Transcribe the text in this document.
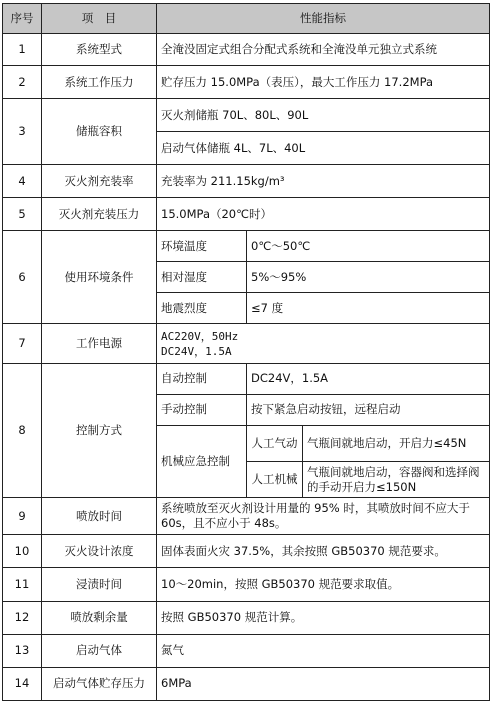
序号	项　目	性能指标		
1	系统型式	全淹没固定式组合分配式系统和全淹没单元独立式系统		
2	系统工作压力	贮存压力 15.0MPa（表压），最大工作压力 17.2MPa		
3	储瓶容积	灭火剂储瓶 70L、80L、90L		
		启动气体储瓶 4L、7L、40L		
4	灭火剂充装率	充装率为 211.15kg/m³		
5	灭火剂充装压力	15.0MPa（20℃时）		
6	使用环境条件	环境温度	0℃～50℃	
		相对湿度	5%～95%	
		地震烈度	≤7 度	
7	工作电源	AC220V，50Hz
DC24V，1.5A		

8	控制方式	自动控制	DC24V，1.5A	
		手动控制	按下紧急启动按钮，远程启动	
		机械应急控制	人工气动	气瓶间就地启动，开启力≤45N
			人工机械	气瓶间就地启动，容器阀和选择阀的手动开启力≤150N
9	喷放时间	系统喷放至灭火剂设计用量的 95% 时，其喷放时间不应大于 60s，且不应小于 48s。		
10	灭火设计浓度	固体表面火灾 37.5%，其余按照 GB50370 规范要求。		
11	浸渍时间	10～20min，按照 GB50370 规范要求取值。		
12	喷放剩余量	按照 GB50370 规范计算。		
13	启动气体	氮气		
14	启动气体贮存压力	6MPa		
